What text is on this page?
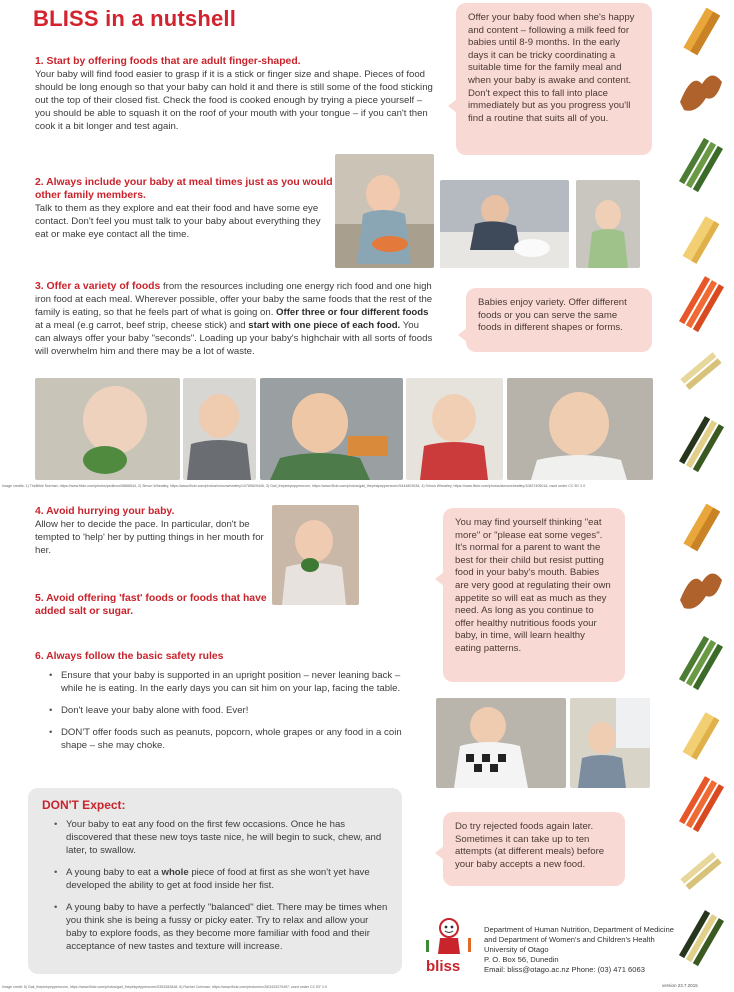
BLISS in a nutshell
1. Start by offering foods that are adult finger-shaped.
Your baby will find food easier to grasp if it is a stick or finger size and shape. Pieces of food should be long enough so that your baby can hold it and there is still some of the food sticking out the top of their closed fist. Check the food is cooked enough by trying a piece yourself – you should be able to squash it on the roof of your mouth with your tongue – if you can't then cook it a bit longer and test again.
Offer your baby food when she's happy and content – following a milk feed for babies until 8-9 months. In the early days it can be tricky coordinating a suitable time for the family meal and when your baby is awake and content. Don't expect this to fall into place immediately but as you progress you'll find a routine that suits all of you.
2. Always include your baby at meal times just as you would other family members.
Talk to them as they explore and eat their food and have some eye contact. Don't feel you must talk to your baby about everything they eat or make eye contact all the time.
3. Offer a variety of foods from the resources including one energy rich food and one high iron food at each meal. Wherever possible, offer your baby the same foods that the rest of the family is eating, so that he feels part of what is going on. Offer three or four different foods at a meal (e.g carrot, beef strip, cheese stick) and start with one piece of each food. You can always offer your baby "seconds". Loading up your baby's highchair with all sorts of foods will overwhelm him and there may be a lot of waste.
Babies enjoy variety. Offer different foods or you can serve the same foods in different shapes or forms.
Image credits: 1) TheBible Norman, https://www.flickr.com/photos/psdimcol/8888544, 2) Simon Wheatley, https://www.flickr.com/photos/simonwheatley/10789829446, 3) Gail_thepinkpepperscorn, https://www.flickr.com/photos/gail_thepinkpepperscorn/5444803536, 4) Simon Wheatley, https://www.flickr.com/photos/simonwheatley/10837405016, used under CC BY 2.0
4. Avoid hurrying your baby.
Allow her to decide the pace. In particular, don't be tempted to 'help' her by putting things in her mouth for her.
5. Avoid offering 'fast' foods or foods that have added salt or sugar.
You may find yourself thinking "eat more" or "please eat some veges". It's normal for a parent to want the best for their child but resist putting food in your baby's mouth. Babies are very good at regulating their own appetite so will eat as much as they need. As long as you continue to offer healthy nutritious foods your baby, in time, will learn healthy eating patterns.
6. Always follow the basic safety rules
• Ensure that your baby is supported in an upright position – never leaning back – while he is eating. In the early days you can sit him on your lap, facing the table.
• Don't leave your baby alone with food. Ever!
• DON'T offer foods such as peanuts, popcorn, whole grapes or any food in a coin shape – she may choke.
DON'T Expect:
• Your baby to eat any food on the first few occasions. Once he has discovered that these new toys taste nice, he will begin to suck, chew, and later, to swallow.
• A young baby to eat a whole piece of food at first as she won't yet have developed the ability to get at food inside her fist.
• A young baby to have a perfectly "balanced" diet. There may be times when you think she is being a fussy or picky eater. Try to relax and allow your baby to explore foods, as they become more familiar with food and their acceptance of new tastes and texture will increase.
Do try rejected foods again later. Sometimes it can take up to ten attempts (at different meals) before your baby accepts a new food.
bliss
Department of Human Nutrition, Department of Medicine
and Department of Women's and Children's Health
University of Otago
P. O. Box 56, Dunedin
Email: bliss@otago.ac.nz Phone: (03) 471 6063
version 23.7.2015
Image credit: 5) Gail_thepinkpepperscorn, https://www.flickr.com/photos/gail_thepinkpepperscorn/5353382848, 6) Rachel Coleman, https://www.flickr.com/photos/rnc28/3433370497, used under CC BY 2.0
